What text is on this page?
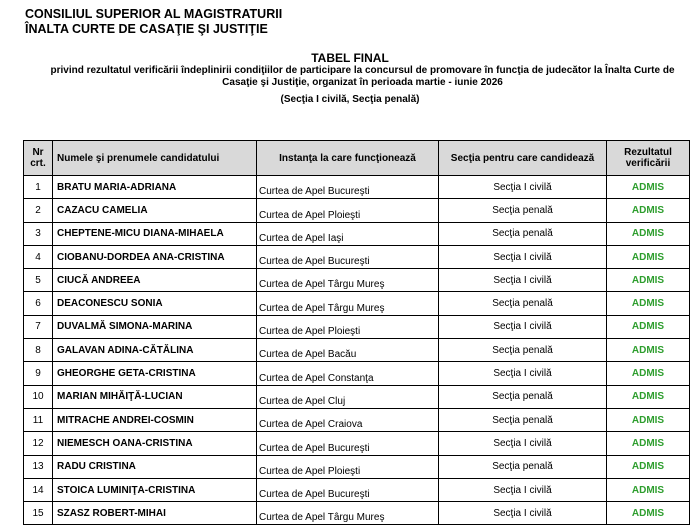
CONSILIUL SUPERIOR AL MAGISTRATURII
ÎNALTA CURTE DE CASAŢIE ŞI JUSTIŢIE
TABEL FINAL
privind rezultatul verificării îndeplinirii condiţiilor de participare la concursul de promovare în funcţia de judecător la Înalta Curte de Casaţie şi Justiţie, organizat în perioada martie - iunie 2026
(Secţia I civilă, Secţia penală)
Nr crt.	Numele şi prenumele candidatului	Instanţa la care funcţionează	Secţia pentru care candidează	Rezultatul verificării
1	BRATU MARIA-ADRIANA	Curtea de Apel Bucureşti	Secţia I civilă	ADMIS
2	CAZACU CAMELIA	Curtea de Apel Ploieşti	Secţia penală	ADMIS
3	CHEPTENE-MICU DIANA-MIHAELA	Curtea de Apel Iaşi	Secţia penală	ADMIS
4	CIOBANU-DORDEA ANA-CRISTINA	Curtea de Apel Bucureşti	Secţia I civilă	ADMIS
5	CIUCĂ ANDREEA	Curtea de Apel Târgu Mureş	Secţia I civilă	ADMIS
6	DEACONESCU SONIA	Curtea de Apel Târgu Mureş	Secţia penală	ADMIS
7	DUVALMĂ SIMONA-MARINA	Curtea de Apel Ploieşti	Secţia I civilă	ADMIS
8	GALAVAN ADINA-CĂTĂLINA	Curtea de Apel Bacău	Secţia penală	ADMIS
9	GHEORGHE GETA-CRISTINA	Curtea de Apel Constanţa	Secţia I civilă	ADMIS
10	MARIAN MIHĂIŢĂ-LUCIAN	Curtea de Apel Cluj	Secţia penală	ADMIS
11	MITRACHE ANDREI-COSMIN	Curtea de Apel Craiova	Secţia penală	ADMIS
12	NIEMESCH OANA-CRISTINA	Curtea de Apel Bucureşti	Secţia I civilă	ADMIS
13	RADU CRISTINA	Curtea de Apel Ploieşti	Secţia penală	ADMIS
14	STOICA LUMINIŢA-CRISTINA	Curtea de Apel Bucureşti	Secţia I civilă	ADMIS
15	SZASZ ROBERT-MIHAI	Curtea de Apel Târgu Mureş	Secţia I civilă	ADMIS
